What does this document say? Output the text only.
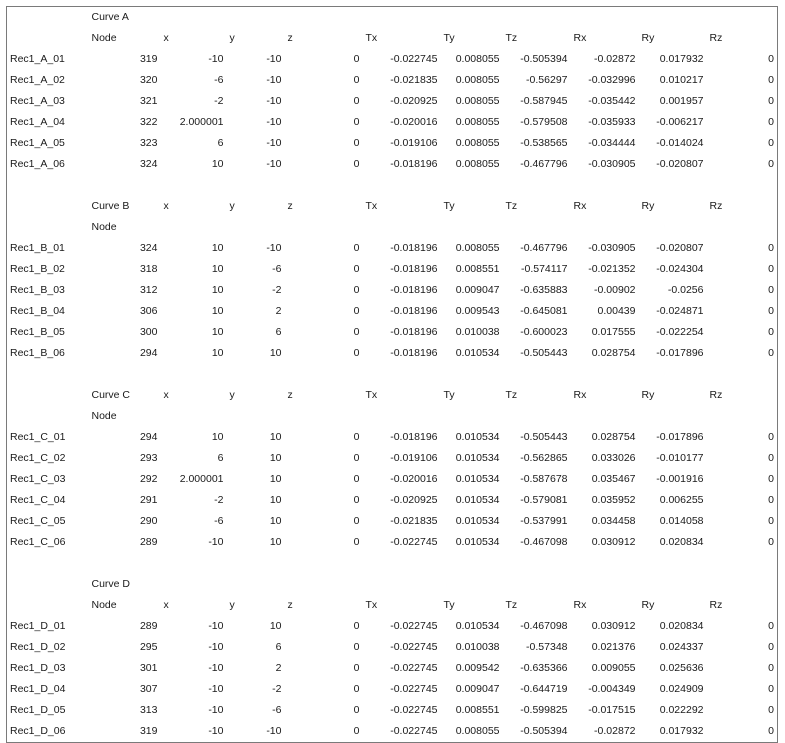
	Curve A									
	Node	x	y	z	Tx	Ty	Tz	Rx	Ry	Rz
Rec1_A_01	319	-10	-10	0	-0.022745	0.008055	-0.505394	-0.02872	0.017932	0
Rec1_A_02	320	-6	-10	0	-0.021835	0.008055	-0.56297	-0.032996	0.010217	0
Rec1_A_03	321	-2	-10	0	-0.020925	0.008055	-0.587945	-0.035442	0.001957	0
Rec1_A_04	322	2.000001	-10	0	-0.020016	0.008055	-0.579508	-0.035933	-0.006217	0
Rec1_A_05	323	6	-10	0	-0.019106	0.008055	-0.538565	-0.034444	-0.014024	0
Rec1_A_06	324	10	-10	0	-0.018196	0.008055	-0.467796	-0.030905	-0.020807	0

	Curve B	x	y	z	Tx	Ty	Tz	Rx	Ry	Rz
	Node									
Rec1_B_01	324	10	-10	0	-0.018196	0.008055	-0.467796	-0.030905	-0.020807	0
Rec1_B_02	318	10	-6	0	-0.018196	0.008551	-0.574117	-0.021352	-0.024304	0
Rec1_B_03	312	10	-2	0	-0.018196	0.009047	-0.635883	-0.00902	-0.0256	0
Rec1_B_04	306	10	2	0	-0.018196	0.009543	-0.645081	0.00439	-0.024871	0
Rec1_B_05	300	10	6	0	-0.018196	0.010038	-0.600023	0.017555	-0.022254	0
Rec1_B_06	294	10	10	0	-0.018196	0.010534	-0.505443	0.028754	-0.017896	0

	Curve C	x	y	z	Tx	Ty	Tz	Rx	Ry	Rz
	Node									
Rec1_C_01	294	10	10	0	-0.018196	0.010534	-0.505443	0.028754	-0.017896	0
Rec1_C_02	293	6	10	0	-0.019106	0.010534	-0.562865	0.033026	-0.010177	0
Rec1_C_03	292	2.000001	10	0	-0.020016	0.010534	-0.587678	0.035467	-0.001916	0
Rec1_C_04	291	-2	10	0	-0.020925	0.010534	-0.579081	0.035952	0.006255	0
Rec1_C_05	290	-6	10	0	-0.021835	0.010534	-0.537991	0.034458	0.014058	0
Rec1_C_06	289	-10	10	0	-0.022745	0.010534	-0.467098	0.030912	0.020834	0

	Curve D									
	Node	x	y	z	Tx	Ty	Tz	Rx	Ry	Rz
Rec1_D_01	289	-10	10	0	-0.022745	0.010534	-0.467098	0.030912	0.020834	0
Rec1_D_02	295	-10	6	0	-0.022745	0.010038	-0.57348	0.021376	0.024337	0
Rec1_D_03	301	-10	2	0	-0.022745	0.009542	-0.635366	0.009055	0.025636	0
Rec1_D_04	307	-10	-2	0	-0.022745	0.009047	-0.644719	-0.004349	0.024909	0
Rec1_D_05	313	-10	-6	0	-0.022745	0.008551	-0.599825	-0.017515	0.022292	0
Rec1_D_06	319	-10	-10	0	-0.022745	0.008055	-0.505394	-0.02872	0.017932	0
